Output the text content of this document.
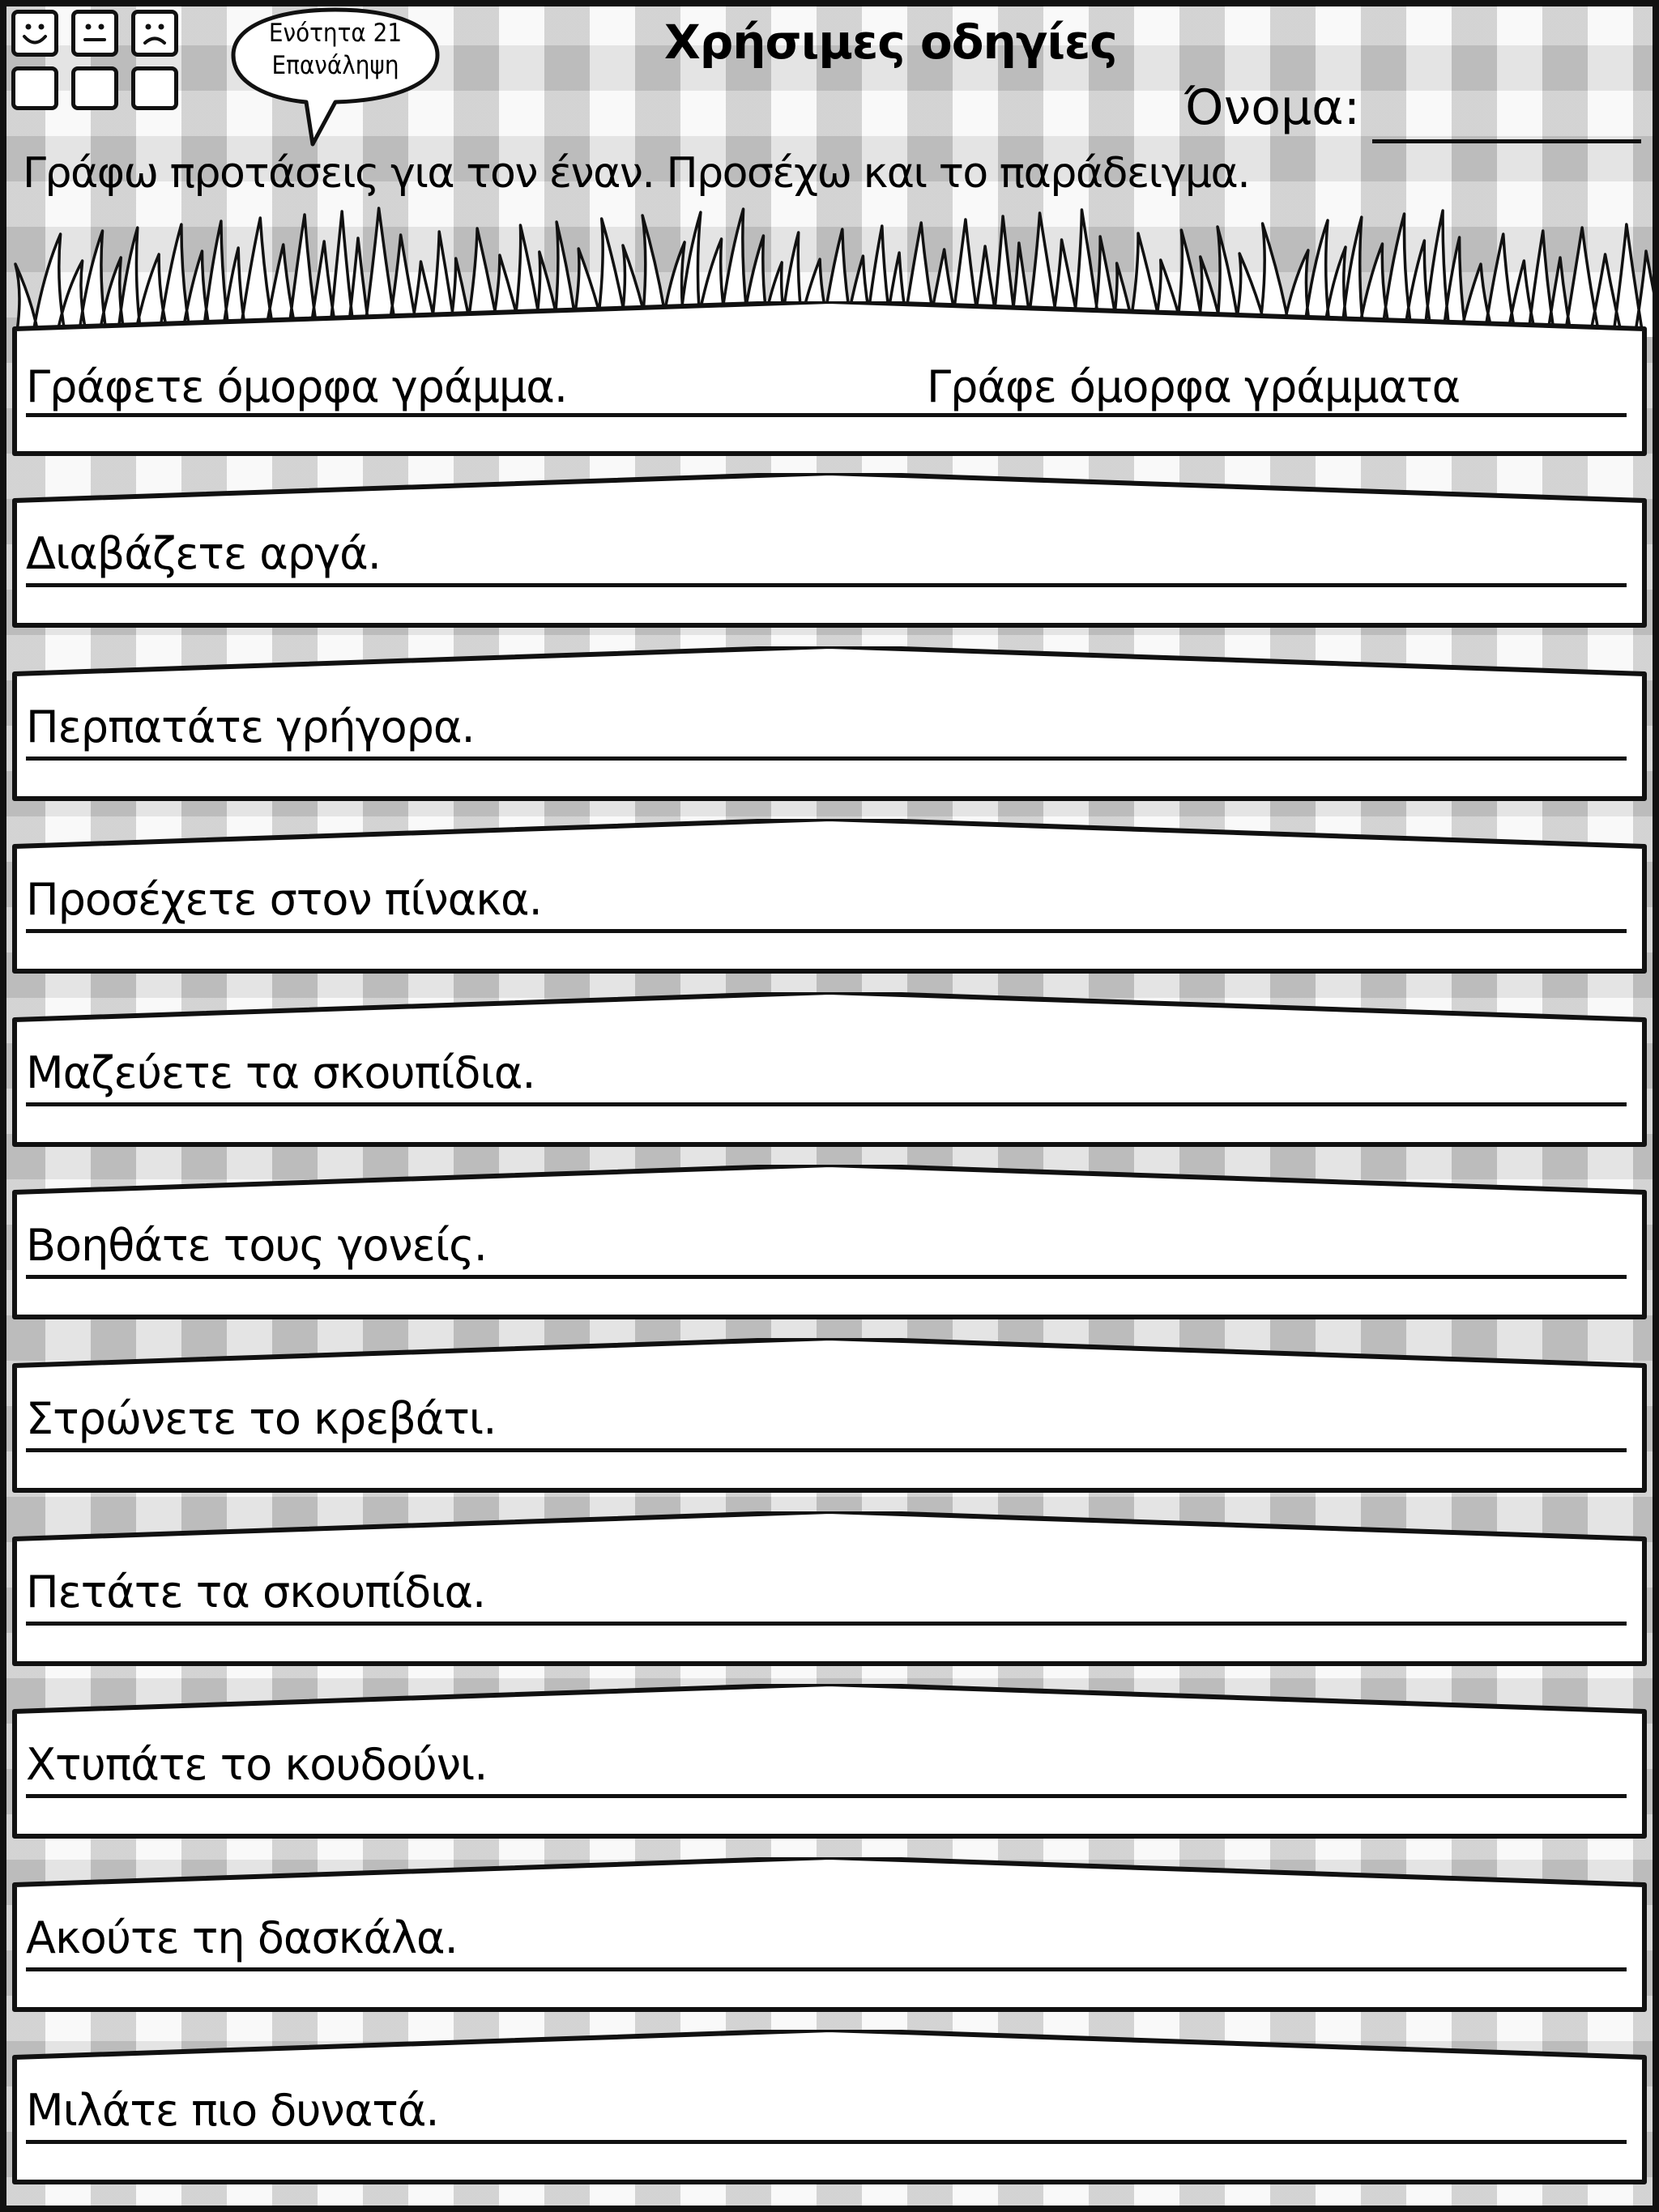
Ενότητα 21
Επανάληψη	Χρήσιμες οδηγίες
Όνομα:
Γράφω προτάσεις για τον έναν. Προσέχω και το παράδειγμα.
Γράφετε όμορφα γράμμα.	Γράφε όμορφα γράμματα
Διαβάζετε αργά.
Περπατάτε γρήγορα.
Προσέχετε στον πίνακα.
Μαζεύετε τα σκουπίδια.
Βοηθάτε τους γονείς.
Στρώνετε το κρεβάτι.
Πετάτε τα σκουπίδια.
Χτυπάτε το κουδούνι.
Ακούτε τη δασκάλα.
Μιλάτε πιο δυνατά.
